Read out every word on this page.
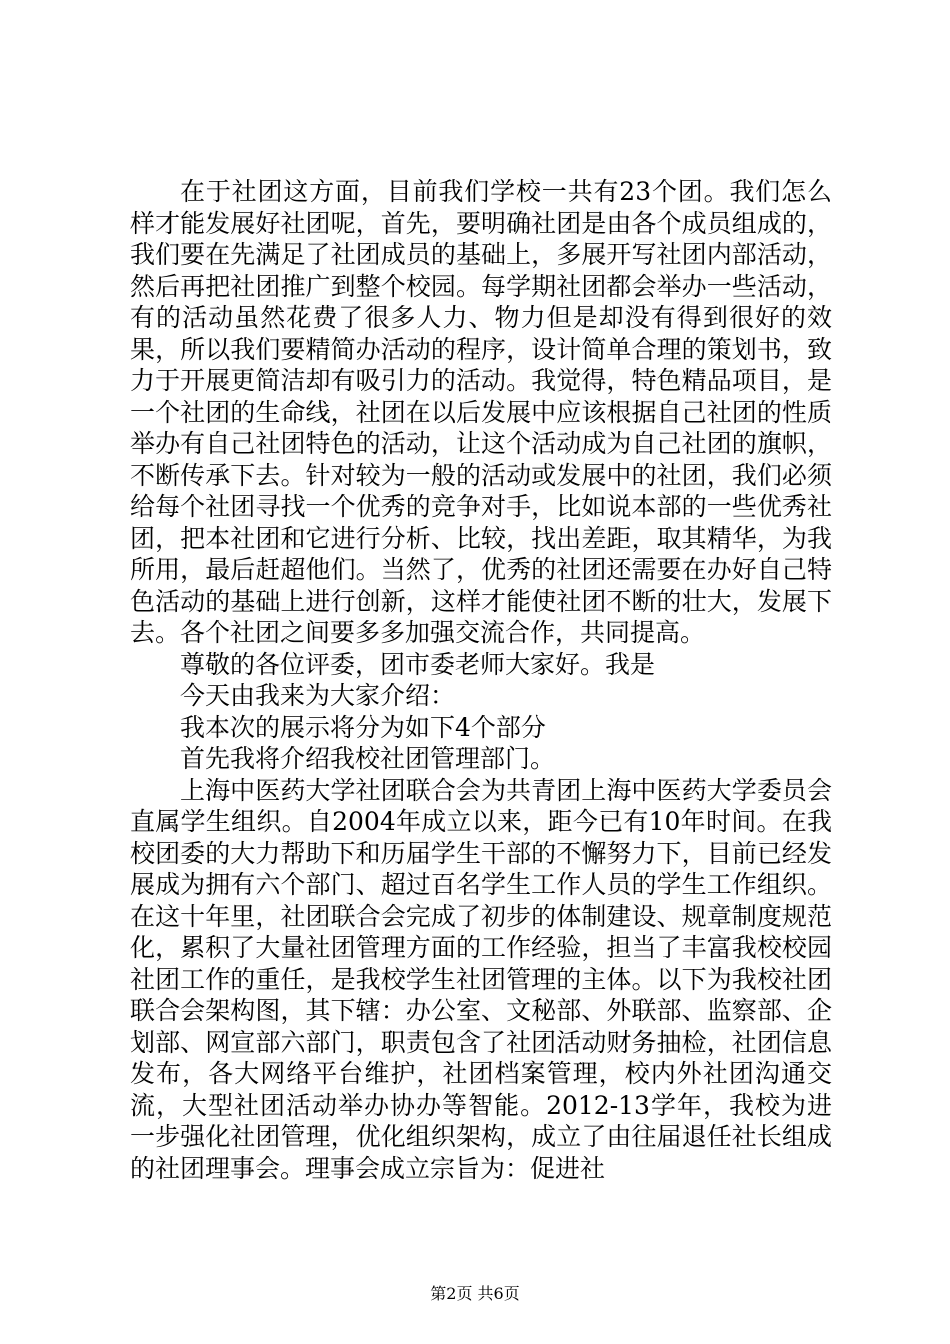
在于社团这方面，目前我们学校一共有23个团。我们怎么样才能发展好社团呢，首先，要明确社团是由各个成员组成的，我们要在先满足了社团成员的基础上，多展开写社团内部活动，然后再把社团推广到整个校园。每学期社团都会举办一些活动，有的活动虽然花费了很多人力、物力但是却没有得到很好的效果，所以我们要精简办活动的程序，设计简单合理的策划书，致力于开展更简洁却有吸引力的活动。我觉得，特色精品项目，是一个社团的生命线，社团在以后发展中应该根据自己社团的性质举办有自己社团特色的活动，让这个活动成为自己社团的旗帜，不断传承下去。针对较为一般的活动或发展中的社团，我们必须给每个社团寻找一个优秀的竞争对手，比如说本部的一些优秀社团，把本社团和它进行分析、比较，找出差距，取其精华，为我所用，最后赶超他们。当然了，优秀的社团还需要在办好自己特色活动的基础上进行创新，这样才能使社团不断的壮大，发展下去。各个社团之间要多多加强交流合作，共同提高。

尊敬的各位评委，团市委老师大家好。我是

今天由我来为大家介绍：

我本次的展示将分为如下4个部分

首先我将介绍我校社团管理部门。

上海中医药大学社团联合会为共青团上海中医药大学委员会直属学生组织。自2004年成立以来，距今已有10年时间。在我校团委的大力帮助下和历届学生干部的不懈努力下，目前已经发展成为拥有六个部门、超过百名学生工作人员的学生工作组织。在这十年里，社团联合会完成了初步的体制建设、规章制度规范化，累积了大量社团管理方面的工作经验，担当了丰富我校校园社团工作的重任，是我校学生社团管理的主体。以下为我校社团联合会架构图，其下辖：办公室、文秘部、外联部、监察部、企划部、网宣部六部门，职责包含了社团活动财务抽检，社团信息发布，各大网络平台维护，社团档案管理，校内外社团沟通交流，大型社团活动举办协办等智能。2012-13学年，我校为进一步强化社团管理，优化组织架构，成立了由往届退任社长组成的社团理事会。理事会成立宗旨为：促进社

第2页 共6页
